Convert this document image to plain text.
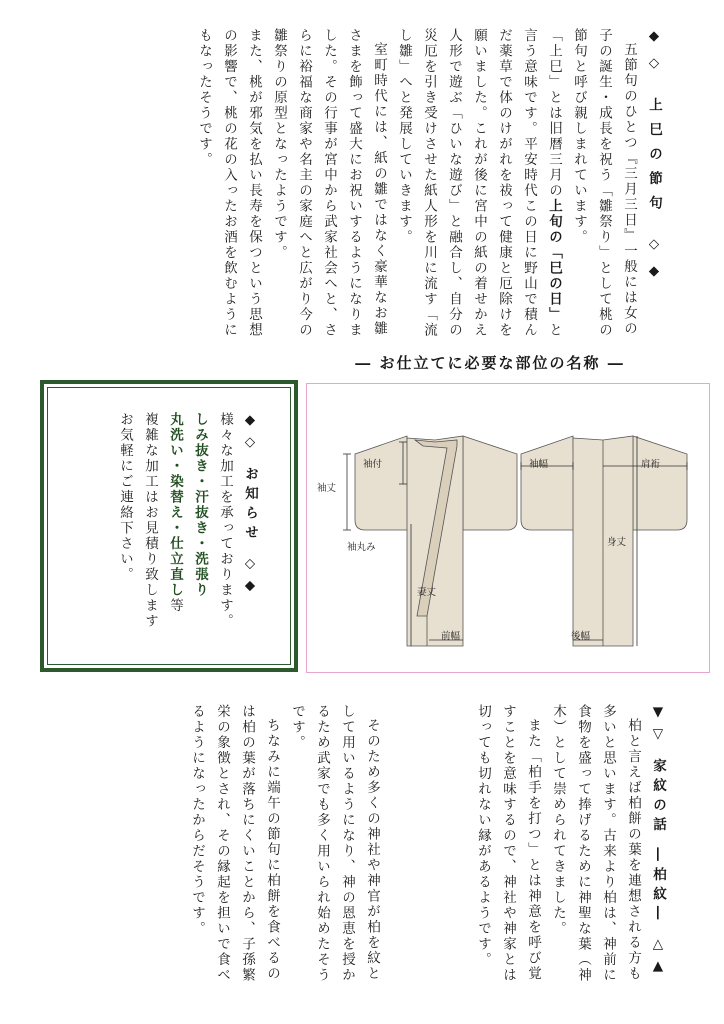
◆◇ 上巳の節句 ◇◆

五節句のひとつ『三月三日』一般には女の子の誕生・成長を祝う「雛祭り」として桃の節句と呼び親しまれています。

「上巳」とは旧暦三月の上旬の「巳の日」と言う意味です。平安時代この日に野山で積んだ薬草で体のけがれを祓って健康と厄除けを願いました。これが後に宮中の紙の着せかえ人形で遊ぶ「ひいな遊び」と融合し、自分の災厄を引き受けさせた紙人形を川に流す「流し雛」へと発展していきます。

室町時代には、紙の雛ではなく豪華なお雛さまを飾って盛大にお祝いするようになりました。その行事が宮中から武家社会へと、さらに裕福な商家や名主の家庭へと広がり今の雛祭りの原型となったようです。

また、桃が邪気を払い長寿を保つという思想の影響で、桃の花の入ったお酒を飲むようにもなったそうです。

― お仕立てに必要な部位の名称 ―
袖付
袖丈
袖丸み
妻丈
前幅
袖幅	肩裄
身丈
後幅

◆◇ お知らせ ◇◆

様々な加工を承っております。

しみ抜き・汗抜き・洗張り

丸洗い・染替え・仕立直し等

複雑な加工はお見積り致します

お気軽にご連絡下さい。

▼▽ 家紋の話 ―柏紋― △▲

柏と言えば柏餅の葉を連想される方も多いと思います。古来より柏は、神前に食物を盛って捧げるために神聖な葉（神木）として崇められてきました。

また「柏手を打つ」とは神意を呼び覚すことを意味するので、神社や神家とは切っても切れない縁があるようです。

そのため多くの神社や神官が柏を紋として用いるようになり、神の恩恵を授かるため武家でも多く用いられ始めたそうです。

ちなみに端午の節句に柏餅を食べるのは柏の葉が落ちにくいことから、子孫繁栄の象徴とされ、その縁起を担いで食べるようになったからだそうです。
